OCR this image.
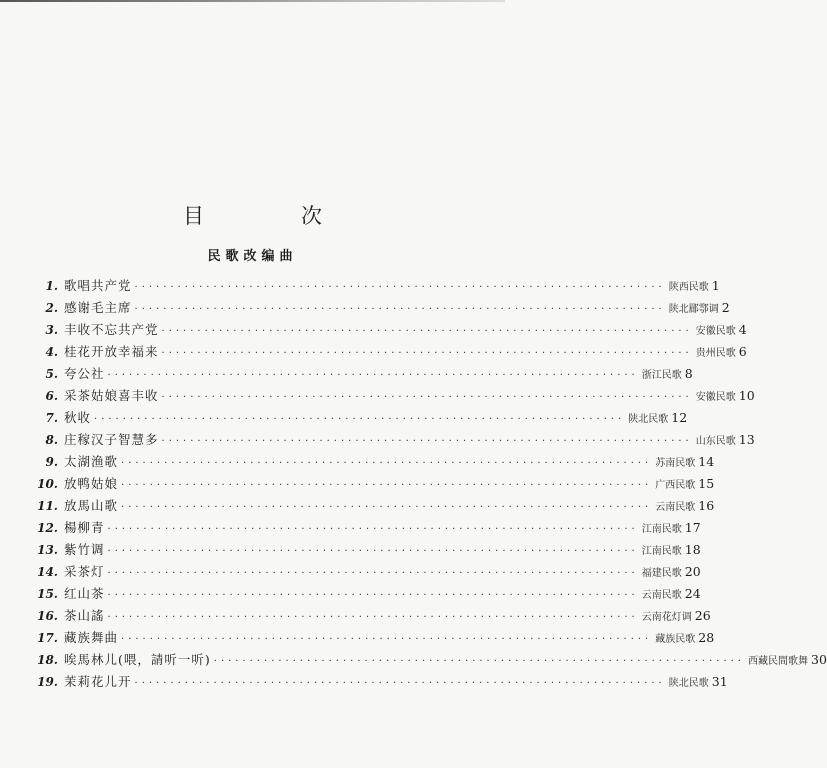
目　次
民歌改编曲
1. 歌唱共产党 ·········································································· 陕西民歌 1
2. 感谢毛主席 ·········································································· 陕北郿鄠调 2
3. 丰收不忘共产党 ·········································································· 安徽民歌 4
4. 桂花开放幸福来 ·········································································· 贵州民歌 6
5. 夸公社 ·········································································· 浙江民歌 8
6. 采茶姑娘喜丰收 ·········································································· 安徽民歌 10
7. 秋收 ·········································································· 陕北民歌 12
8. 庄稼汉子智慧多 ·········································································· 山东民歌 13
9. 太湖渔歌 ·········································································· 苏南民歌 14
10. 放鸭姑娘 ·········································································· 广西民歌 15
11. 放馬山歌 ·········································································· 云南民歌 16
12. 楊柳青 ·········································································· 江南民歌 17
13. 紫竹调 ·········································································· 江南民歌 18
14. 采茶灯 ·········································································· 福建民歌 20
15. 红山茶 ·········································································· 云南民歌 24
16. 茶山謠 ·········································································· 云南花灯调 26
17. 藏族舞曲 ·········································································· 藏族民歌 28
18. 唉馬林儿(喂，請听一听) ·········································································· 西藏民間歌舞 30
19. 茉莉花儿开 ·········································································· 陕北民歌 31
